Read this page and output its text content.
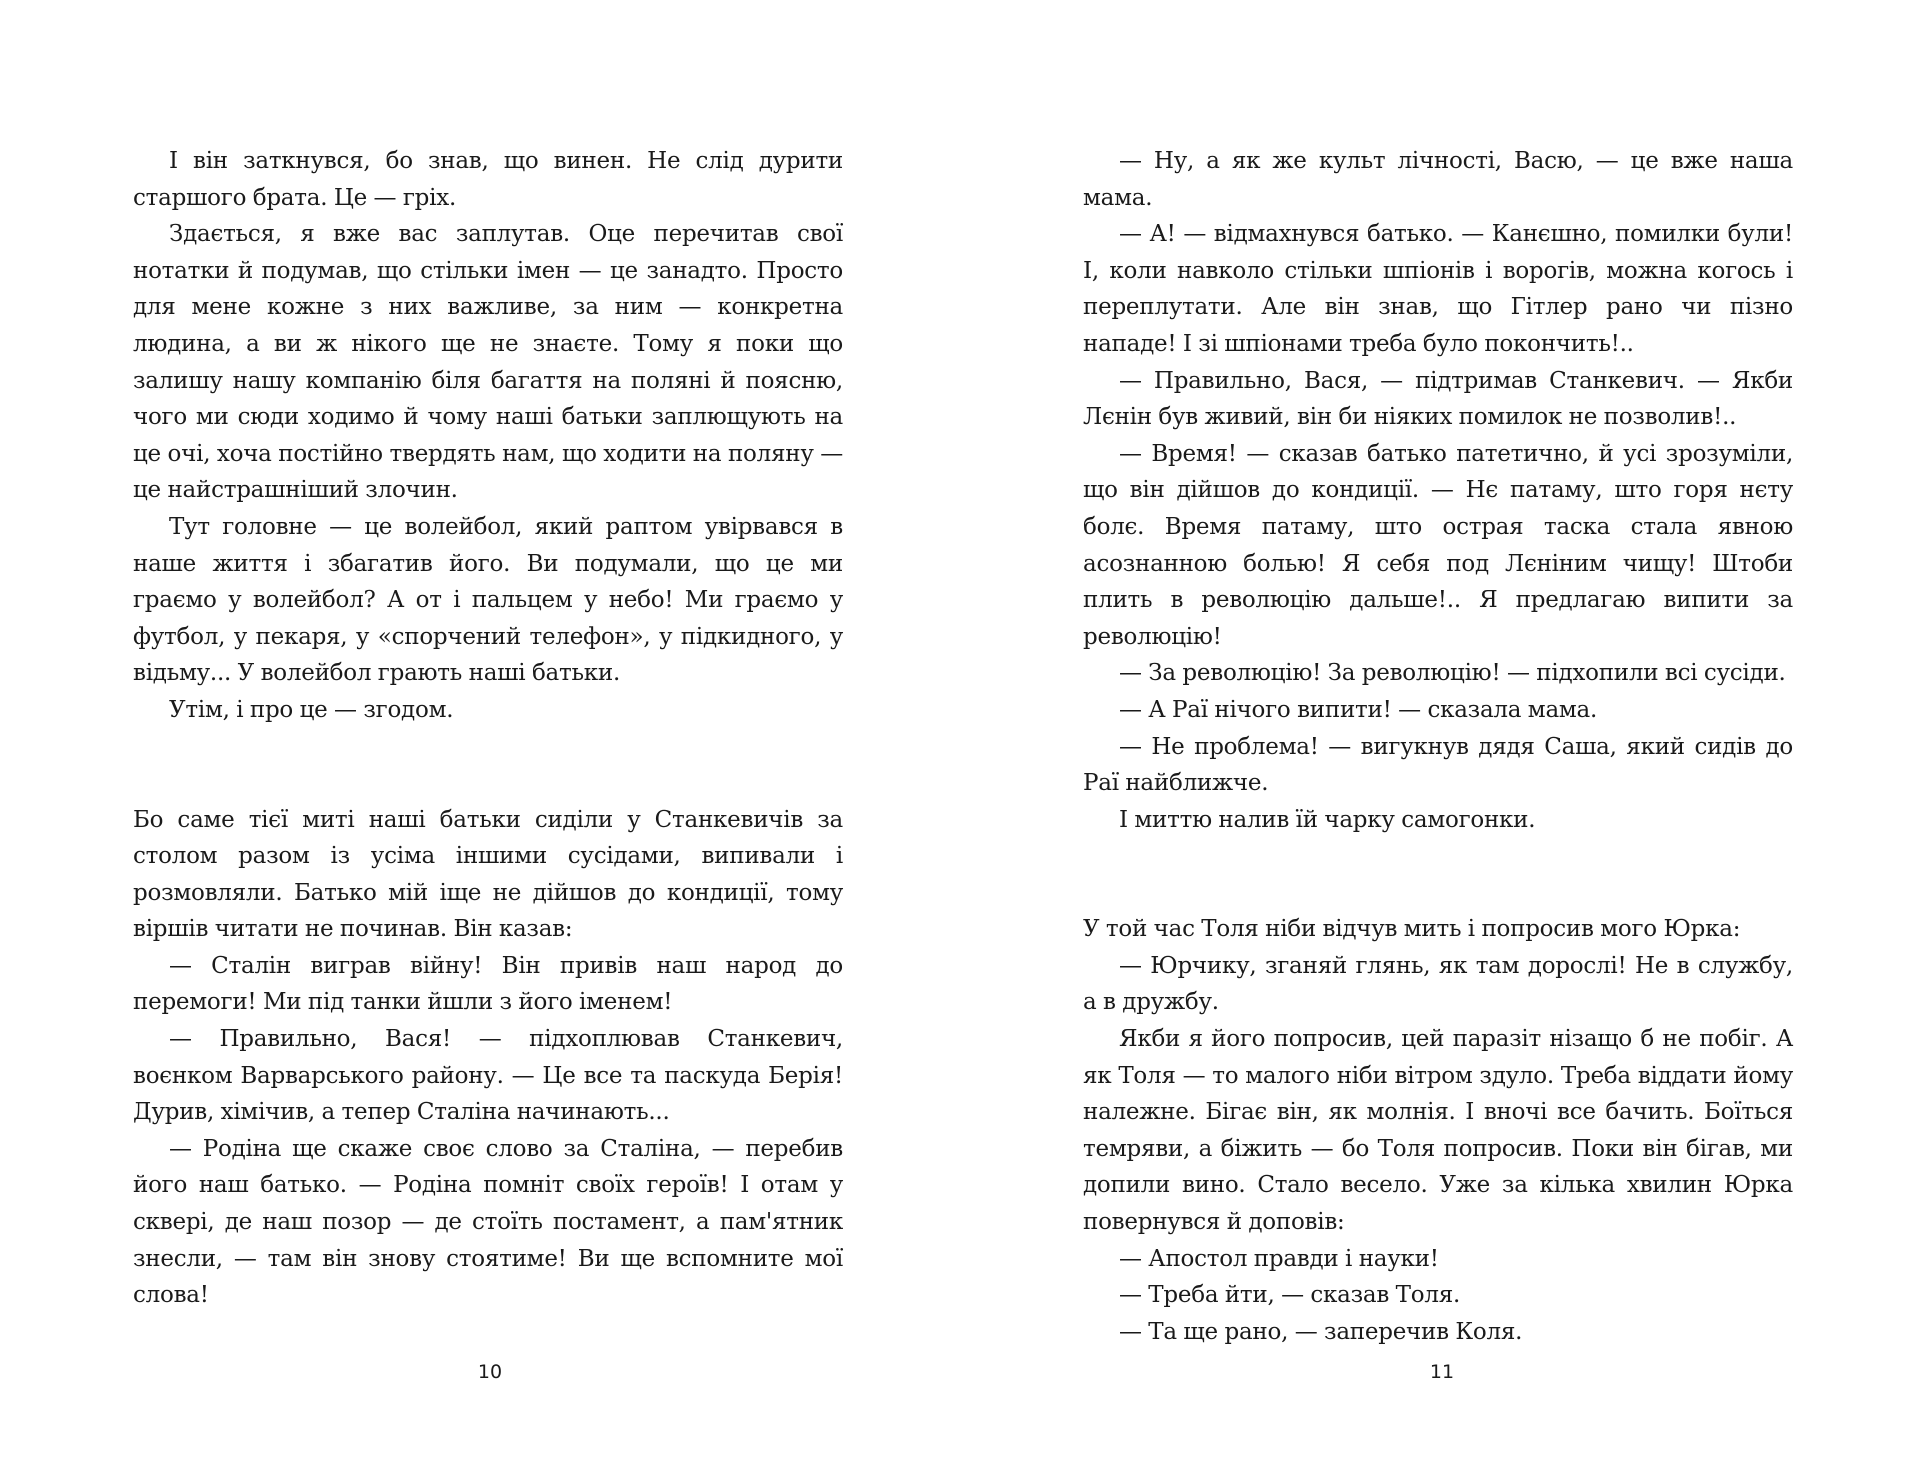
І він заткнувся, бо знав, що винен. Не слід дурити старшого брата. Це — гріх.

Здається, я вже вас заплутав. Оце перечитав свої нотатки й подумав, що стільки імен — це занадто. Просто для мене кожне з них важливе, за ним — конкретна людина, а ви ж нікого ще не знаєте. Тому я поки що залишу нашу компанію біля багаття на поляні й поясню, чого ми сюди ходимо й чому наші батьки заплющують на це очі, хоча постійно твердять нам, що ходити на поляну — це найстрашніший злочин.

Тут головне — це волейбол, який раптом увірвався в наше життя і збагатив його. Ви подумали, що це ми граємо у волейбол? А от і пальцем у небо! Ми граємо у футбол, у пекаря, у «спорчений телефон», у підкидного, у відьму... У волейбол грають наші батьки.

Утім, і про це — згодом.

Бо саме тієї миті наші батьки сиділи у Станкевичів за столом разом із усіма іншими сусідами, випивали і розмовляли. Батько мій іще не дійшов до кондиції, тому віршів читати не починав. Він казав:

— Сталін виграв війну! Він привів наш народ до перемоги! Ми під танки йшли з його іменем!

— Правильно, Вася! — підхоплював Станкевич, воєнком Варварського району. — Це все та паскуда Берія! Дурив, хімічив, а тепер Сталіна начинають...

— Родіна ще скаже своє слово за Сталіна, — перебив його наш батько. — Родіна помніт своїх героїв! І отам у сквері, де наш позор — де стоїть постамент, а пам'ятник знесли, — там він знову стоятиме! Ви ще вспомните мої слова!

— Ну, а як же культ лічності, Васю, — це вже наша мама.

— А! — відмахнувся батько. — Канєшно, помилки були! І, коли навколо стільки шпіонів і ворогів, можна когось і переплутати. Але він знав, що Гітлер рано чи пізно нападе! І зі шпіонами треба було покончить!..

— Правильно, Вася, — підтримав Станкевич. — Якби Лєнін був живий, він би ніяких помилок не позволив!..

— Время! — сказав батько патетично, й усі зрозуміли, що він дійшов до кондиції. — Нє патаму, што горя нєту болє. Время патаму, што острая таска стала явною асознанною болью! Я себя под Лєніним чищу! Штоби плить в революцію дальше!.. Я предлагаю випити за революцію!

— За революцію! За революцію! — підхопили всі сусіди.

— А Раї нічого випити! — сказала мама.

— Не проблема! — вигукнув дядя Саша, який сидів до Раї найближче.

І миттю налив їй чарку самогонки.

У той час Толя ніби відчув мить і попросив мого Юрка:

— Юрчику, зганяй глянь, як там дорослі! Не в службу, а в дружбу.

Якби я його попросив, цей паразіт нізащо б не побіг. А як Толя — то малого ніби вітром здуло. Треба віддати йому належне. Бігає він, як молнія. І вночі все бачить. Боїться темряви, а біжить — бо Толя попросив. Поки він бігав, ми допили вино. Стало весело. Уже за кілька хвилин Юрка повернувся й доповів:

— Апостол правди і науки!

— Треба йти, — сказав Толя.

— Та ще рано, — заперечив Коля.

10	11
